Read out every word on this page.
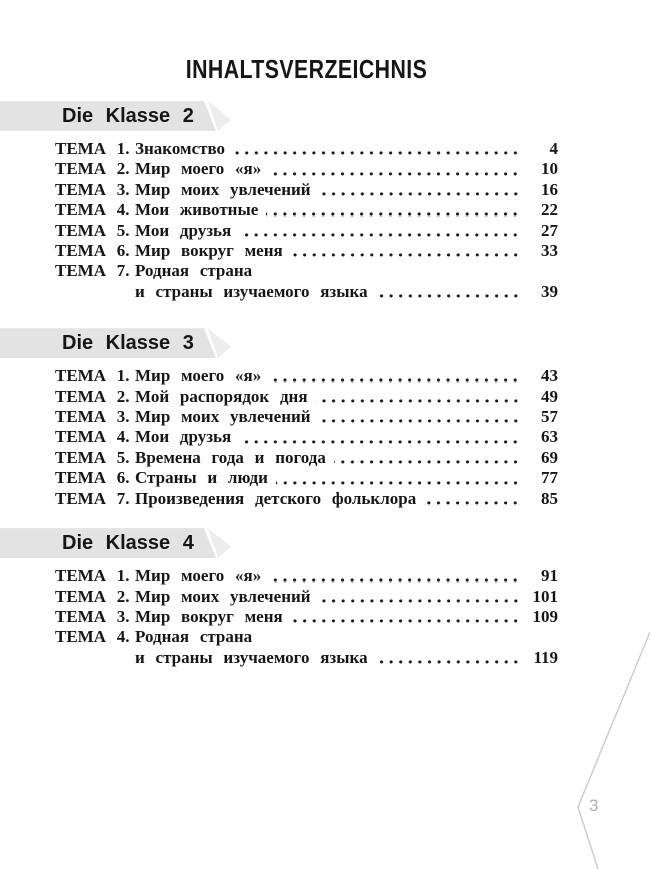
INHALTSVERZEICHNIS
Die Klasse 2
ТЕМА 1. Знакомство	4
ТЕМА 2. Мир моего «я»	10
ТЕМА 3. Мир моих увлечений	16
ТЕМА 4. Мои животные	22
ТЕМА 5. Мои друзья	27
ТЕМА 6. Мир вокруг меня	33
ТЕМА 7. Родная страна
и страны изучаемого языка	39
Die Klasse 3
ТЕМА 1. Мир моего «я»	43
ТЕМА 2. Мой распорядок дня	49
ТЕМА 3. Мир моих увлечений	57
ТЕМА 4. Мои друзья	63
ТЕМА 5. Времена года и погода	69
ТЕМА 6. Страны и люди	77
ТЕМА 7. Произведения детского фольклора	85
Die Klasse 4
ТЕМА 1. Мир моего «я»	91
ТЕМА 2. Мир моих увлечений	101
ТЕМА 3. Мир вокруг меня	109
ТЕМА 4. Родная страна
и страны изучаемого языка	119
3
